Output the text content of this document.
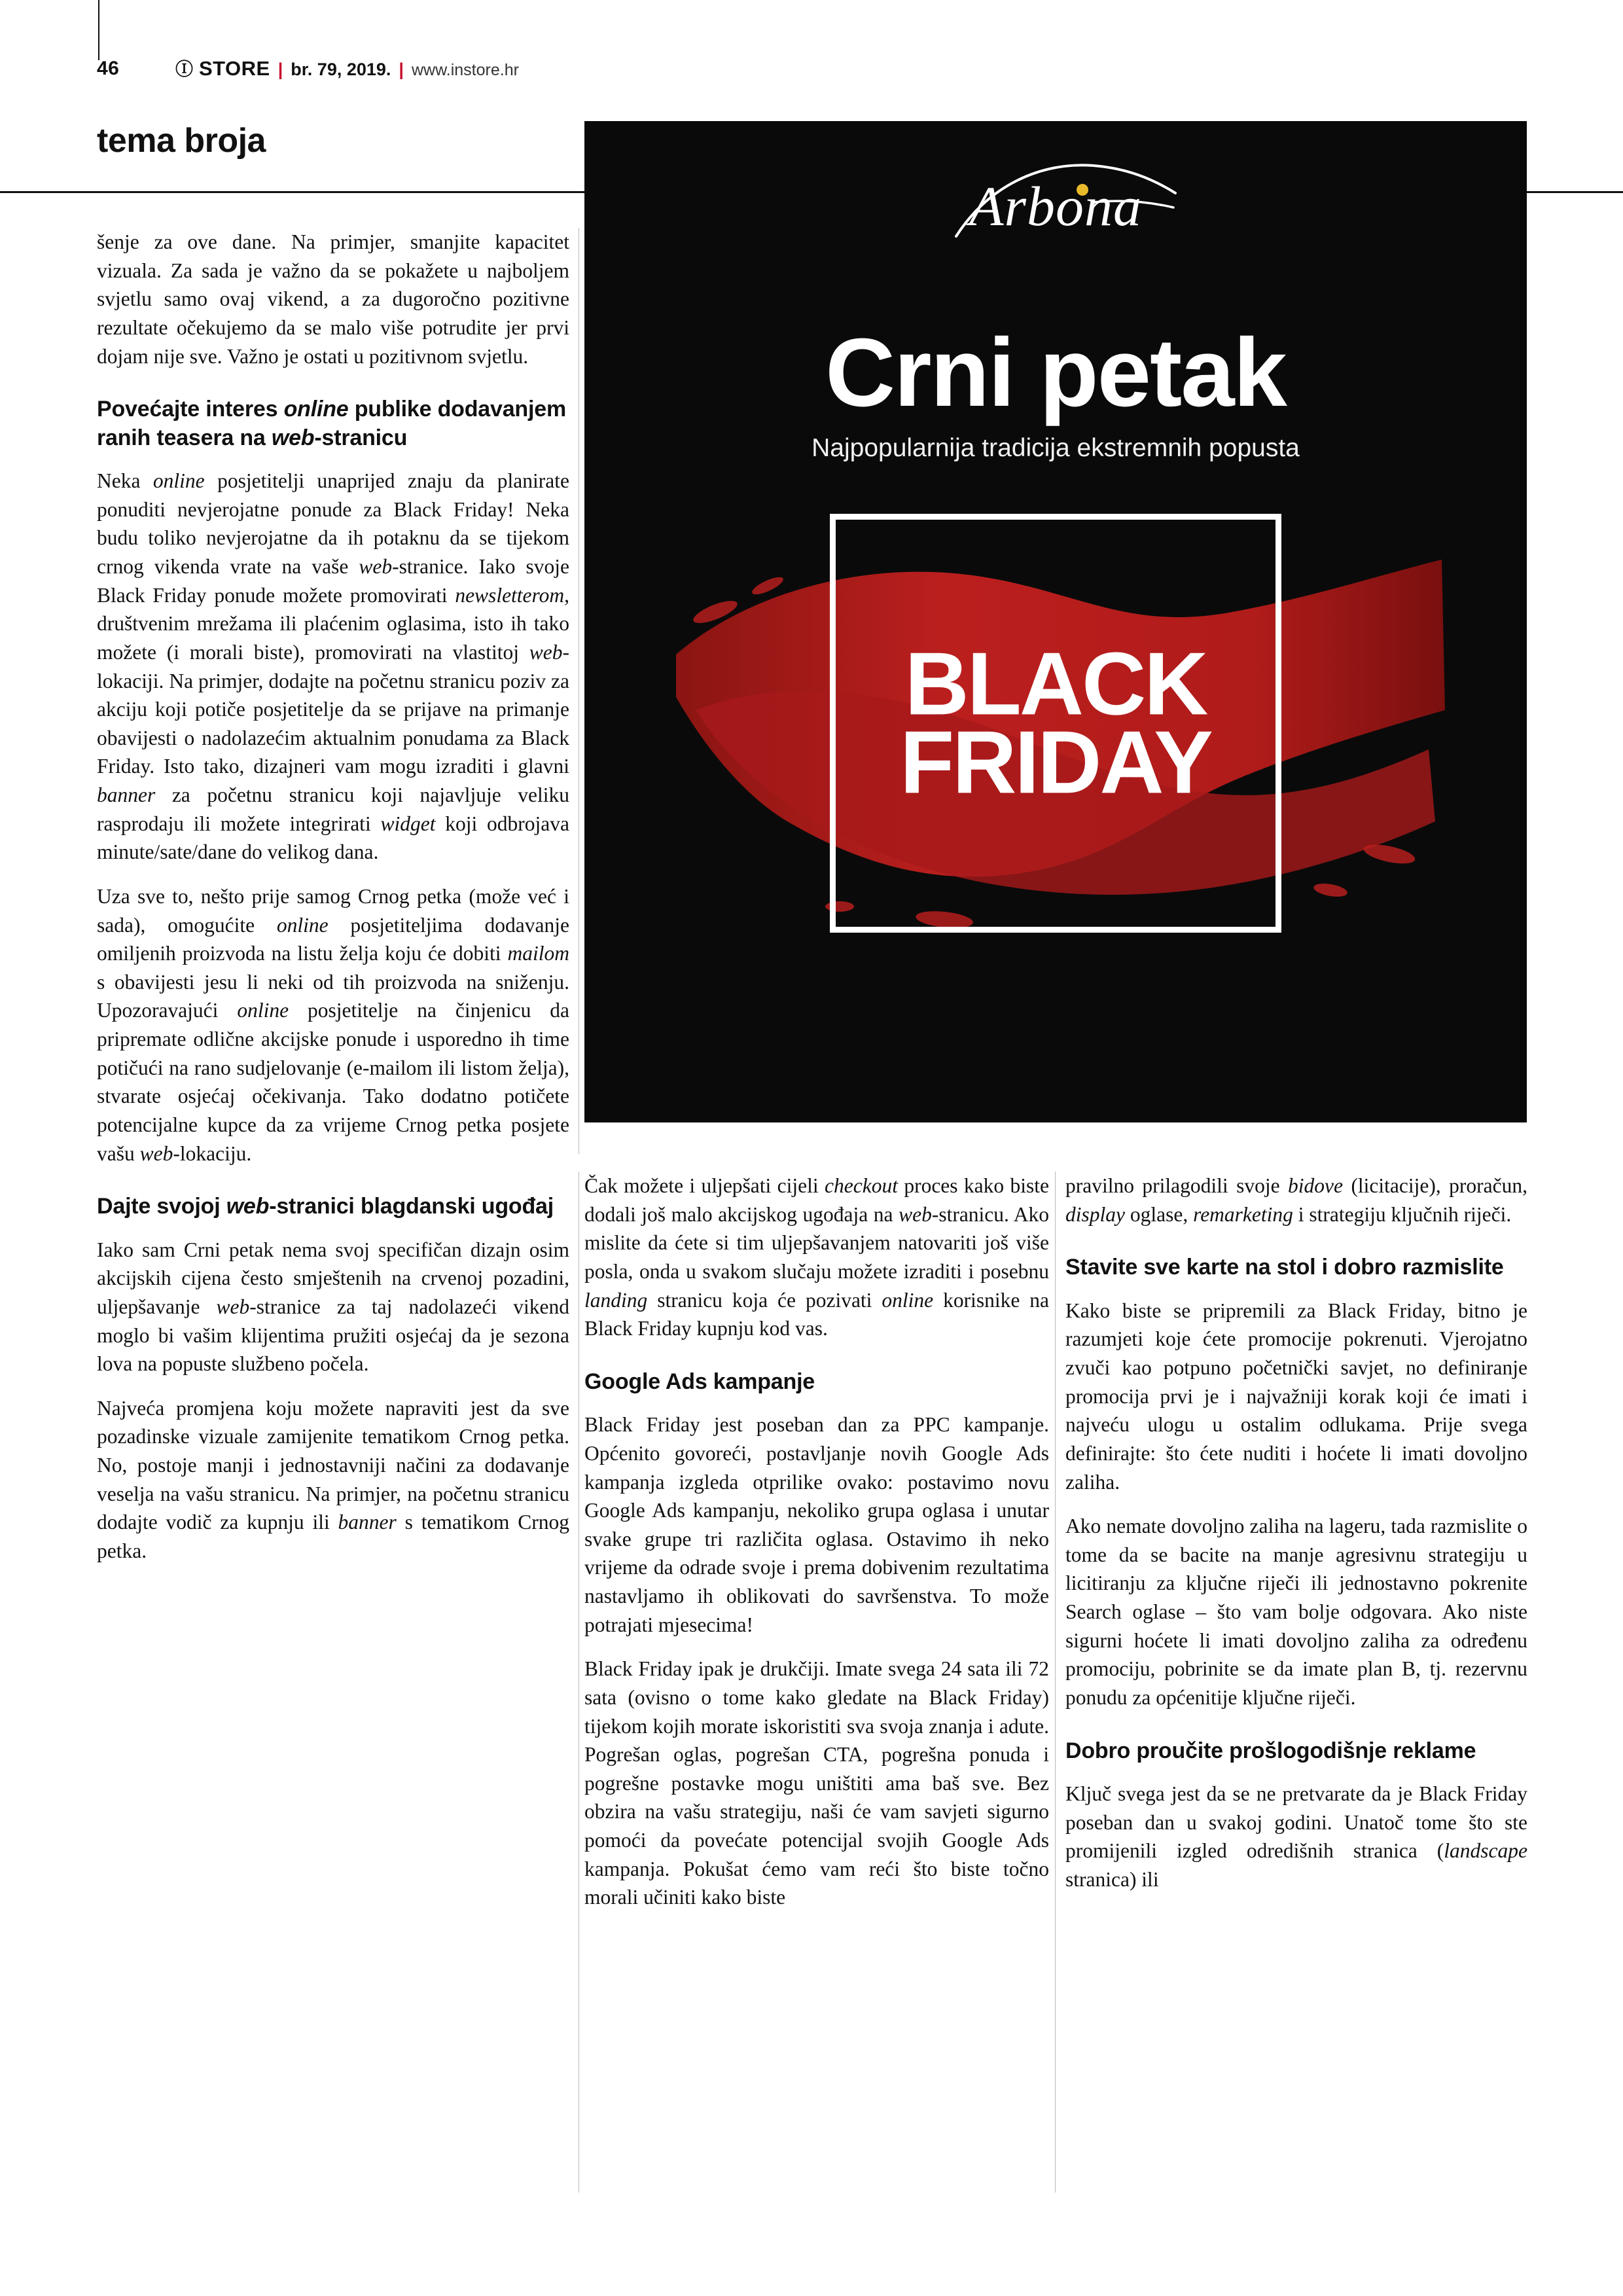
46	Ⓘ STORE | br. 79, 2019. | www.instore.hr
tema broja
Arbona
Crni petak
Najpopularnija tradicija ekstremnih popusta
BLACK
FRIDAY

šenje za ove dane. Na primjer, smanjite kapacitet vizuala. Za sada je važno da se pokažete u najboljem svjetlu samo ovaj vikend, a za dugoročno pozitivne rezultate očekujemo da se malo više potrudite jer prvi dojam nije sve. Važno je ostati u pozitivnom svjetlu.

Povećajte interes online publike dodavanjem ranih teasera na web-stranicu

Neka online posjetitelji unaprijed znaju da planirate ponuditi nevjerojatne ponude za Black Friday! Neka budu toliko nevjerojatne da ih potaknu da se tijekom crnog vikenda vrate na vaše web-stranice. Iako svoje Black Friday ponude možete promovirati newsletterom, društvenim mrežama ili plaćenim oglasima, isto ih tako možete (i morali biste), promovirati na vlastitoj web-lokaciji. Na primjer, dodajte na početnu stranicu poziv za akciju koji potiče posjetitelje da se prijave na primanje obavijesti o nadolazećim aktualnim ponudama za Black Friday. Isto tako, dizajneri vam mogu izraditi i glavni banner za početnu stranicu koji najavljuje veliku rasprodaju ili možete integrirati widget koji odbrojava minute/sate/dane do velikog dana.

Uza sve to, nešto prije samog Crnog petka (može već i sada), omogućite online posjetiteljima dodavanje omiljenih proizvoda na listu želja koju će dobiti mailom s obavijesti jesu li neki od tih proizvoda na sniženju. Upozoravajući online posjetitelje na činjenicu da pripremate odlične akcijske ponude i usporedno ih time potičući na rano sudjelovanje (e-mailom ili listom želja), stvarate osjećaj očekivanja. Tako dodatno potičete potencijalne kupce da za vrijeme Crnog petka posjete vašu web-lokaciju.

Dajte svojoj web-stranici blagdanski ugođaj

Iako sam Crni petak nema svoj specifičan dizajn osim akcijskih cijena često smještenih na crvenoj pozadini, uljepšavanje web-stranice za taj nadolazeći vikend moglo bi vašim klijentima pružiti osjećaj da je sezona lova na popuste službeno počela.

Najveća promjena koju možete napraviti jest da sve pozadinske vizuale zamijenite tematikom Crnog petka. No, postoje manji i jednostavniji načini za dodavanje veselja na vašu stranicu. Na primjer, na početnu stranicu dodajte vodič za kupnju ili banner s tematikom Crnog petka.

Čak možete i uljepšati cijeli checkout proces kako biste dodali još malo akcijskog ugođaja na web-stranicu. Ako mislite da ćete si tim uljepšavanjem natovariti još više posla, onda u svakom slučaju možete izraditi i posebnu landing stranicu koja će pozivati online korisnike na Black Friday kupnju kod vas.

Google Ads kampanje

Black Friday jest poseban dan za PPC kampanje. Općenito govoreći, postavljanje novih Google Ads kampanja izgleda otprilike ovako: postavimo novu Google Ads kampanju, nekoliko grupa oglasa i unutar svake grupe tri različita oglasa. Ostavimo ih neko vrijeme da odrade svoje i prema dobivenim rezultatima nastavljamo ih oblikovati do savršenstva. To može potrajati mjesecima!

Black Friday ipak je drukčiji. Imate svega 24 sata ili 72 sata (ovisno o tome kako gledate na Black Friday) tijekom kojih morate iskoristiti sva svoja znanja i adute. Pogrešan oglas, pogrešan CTA, pogrešna ponuda i pogrešne postavke mogu uništiti ama baš sve. Bez obzira na vašu strategiju, naši će vam savjeti sigurno pomoći da povećate potencijal svojih Google Ads kampanja. Pokušat ćemo vam reći što biste točno morali učiniti kako biste

pravilno prilagodili svoje bidove (licitacije), proračun, display oglase, remarketing i strategiju ključnih riječi.

Stavite sve karte na stol i dobro razmislite

Kako biste se pripremili za Black Friday, bitno je razumjeti koje ćete promocije pokrenuti. Vjerojatno zvuči kao potpuno početnički savjet, no definiranje promocija prvi je i najvažniji korak koji će imati i najveću ulogu u ostalim odlukama. Prije svega definirajte: što ćete nuditi i hoćete li imati dovoljno zaliha.

Ako nemate dovoljno zaliha na lageru, tada razmislite o tome da se bacite na manje agresivnu strategiju u licitiranju za ključne riječi ili jednostavno pokrenite Search oglase – što vam bolje odgovara. Ako niste sigurni hoćete li imati dovoljno zaliha za određenu promociju, pobrinite se da imate plan B, tj. rezervnu ponudu za općenitije ključne riječi.

Dobro proučite prošlogodišnje reklame

Ključ svega jest da se ne pretvarate da je Black Friday poseban dan u svakoj godini. Unatoč tome što ste promijenili izgled odredišnih stranica (landscape stranica) ili
